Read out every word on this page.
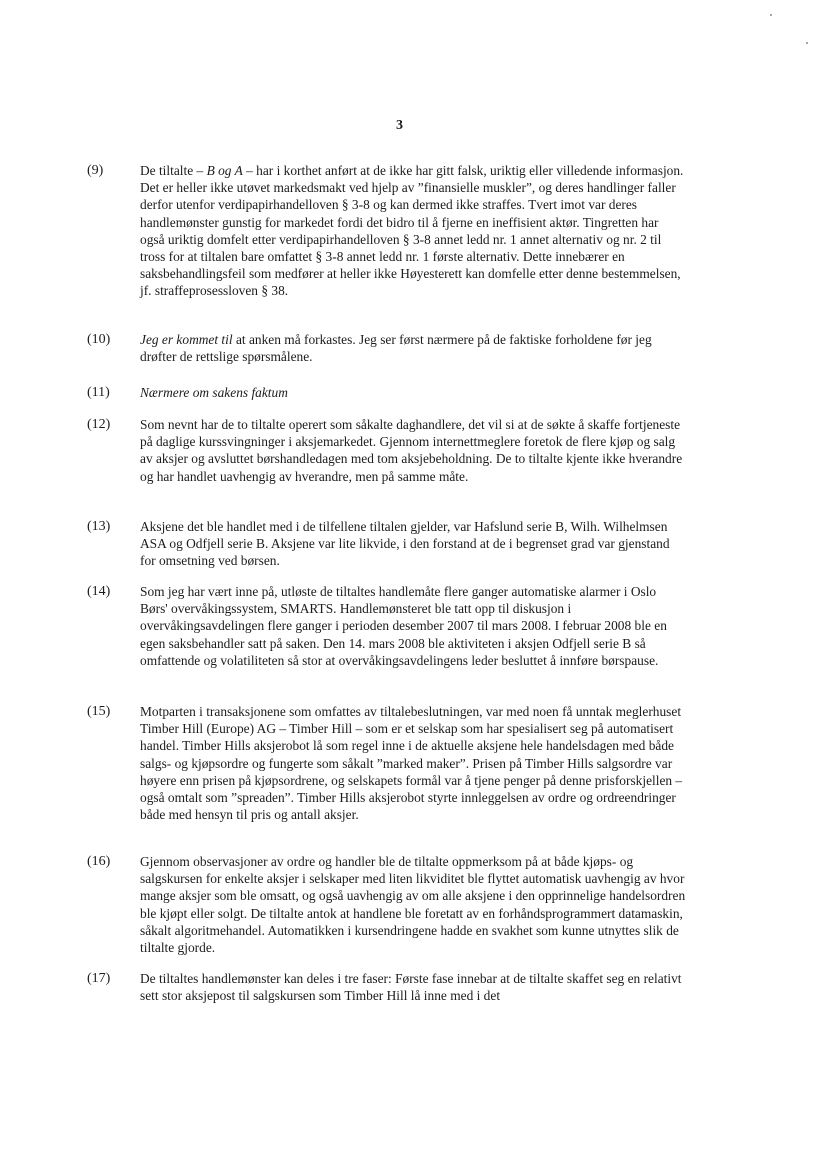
3
(9)	De tiltalte – B og A – har i korthet anført at de ikke har gitt falsk, uriktig eller villedende informasjon. Det er heller ikke utøvet markedsmakt ved hjelp av ”finansielle muskler”, og deres handlinger faller derfor utenfor verdipapirhandelloven § 3-8 og kan dermed ikke straffes. Tvert imot var deres handlemønster gunstig for markedet fordi det bidro til å fjerne en ineffisient aktør. Tingretten har også uriktig domfelt etter verdipapirhandelloven § 3-8 annet ledd nr. 1 annet alternativ og nr. 2 til tross for at tiltalen bare omfattet § 3-8 annet ledd nr. 1 første alternativ. Dette innebærer en saksbehandlingsfeil som medfører at heller ikke Høyesterett kan domfelle etter denne bestemmelsen, jf. straffeprosessloven § 38.
(10) Jeg er kommet til at anken må forkastes. Jeg ser først nærmere på de faktiske forholdene før jeg drøfter de rettslige spørsmålene.
(11) Nærmere om sakens faktum
(12) Som nevnt har de to tiltalte operert som såkalte daghandlere, det vil si at de søkte å skaffe fortjeneste på daglige kurssvingninger i aksjemarkedet. Gjennom internettmeglere foretok de flere kjøp og salg av aksjer og avsluttet børshandledagen med tom aksjebeholdning. De to tiltalte kjente ikke hverandre og har handlet uavhengig av hverandre, men på samme måte.
(13) Aksjene det ble handlet med i de tilfellene tiltalen gjelder, var Hafslund serie B, Wilh. Wilhelmsen ASA og Odfjell serie B. Aksjene var lite likvide, i den forstand at de i begrenset grad var gjenstand for omsetning ved børsen.
(14) Som jeg har vært inne på, utløste de tiltaltes handlemåte flere ganger automatiske alarmer i Oslo Børs' overvåkingssystem, SMARTS. Handlemønsteret ble tatt opp til diskusjon i overvåkingsavdelingen flere ganger i perioden desember 2007 til mars 2008. I februar 2008 ble en egen saksbehandler satt på saken. Den 14. mars 2008 ble aktiviteten i aksjen Odfjell serie B så omfattende og volatiliteten så stor at overvåkingsavdelingens leder besluttet å innføre børspause.
(15) Motparten i transaksjonene som omfattes av tiltalebeslutningen, var med noen få unntak meglerhuset Timber Hill (Europe) AG – Timber Hill – som er et selskap som har spesialisert seg på automatisert handel. Timber Hills aksjerobot lå som regel inne i de aktuelle aksjene hele handelsdagen med både salgs- og kjøpsordre og fungerte som såkalt ”marked maker”. Prisen på Timber Hills salgsordre var høyere enn prisen på kjøpsordrene, og selskapets formål var å tjene penger på denne prisforskjellen – også omtalt som ”spreaden”. Timber Hills aksjerobot styrte innleggelsen av ordre og ordreendringer både med hensyn til pris og antall aksjer.
(16) Gjennom observasjoner av ordre og handler ble de tiltalte oppmerksom på at både kjøps- og salgskursen for enkelte aksjer i selskaper med liten likviditet ble flyttet automatisk uavhengig av hvor mange aksjer som ble omsatt, og også uavhengig av om alle aksjene i den opprinnelige handelsordren ble kjøpt eller solgt. De tiltalte antok at handlene ble foretatt av en forhåndsprogrammert datamaskin, såkalt algoritmehandel. Automatikken i kursendringene hadde en svakhet som kunne utnyttes slik de tiltalte gjorde.
(17) De tiltaltes handlemønster kan deles i tre faser: Første fase innebar at de tiltalte skaffet seg en relativt sett stor aksjepost til salgskursen som Timber Hill lå inne med i det
